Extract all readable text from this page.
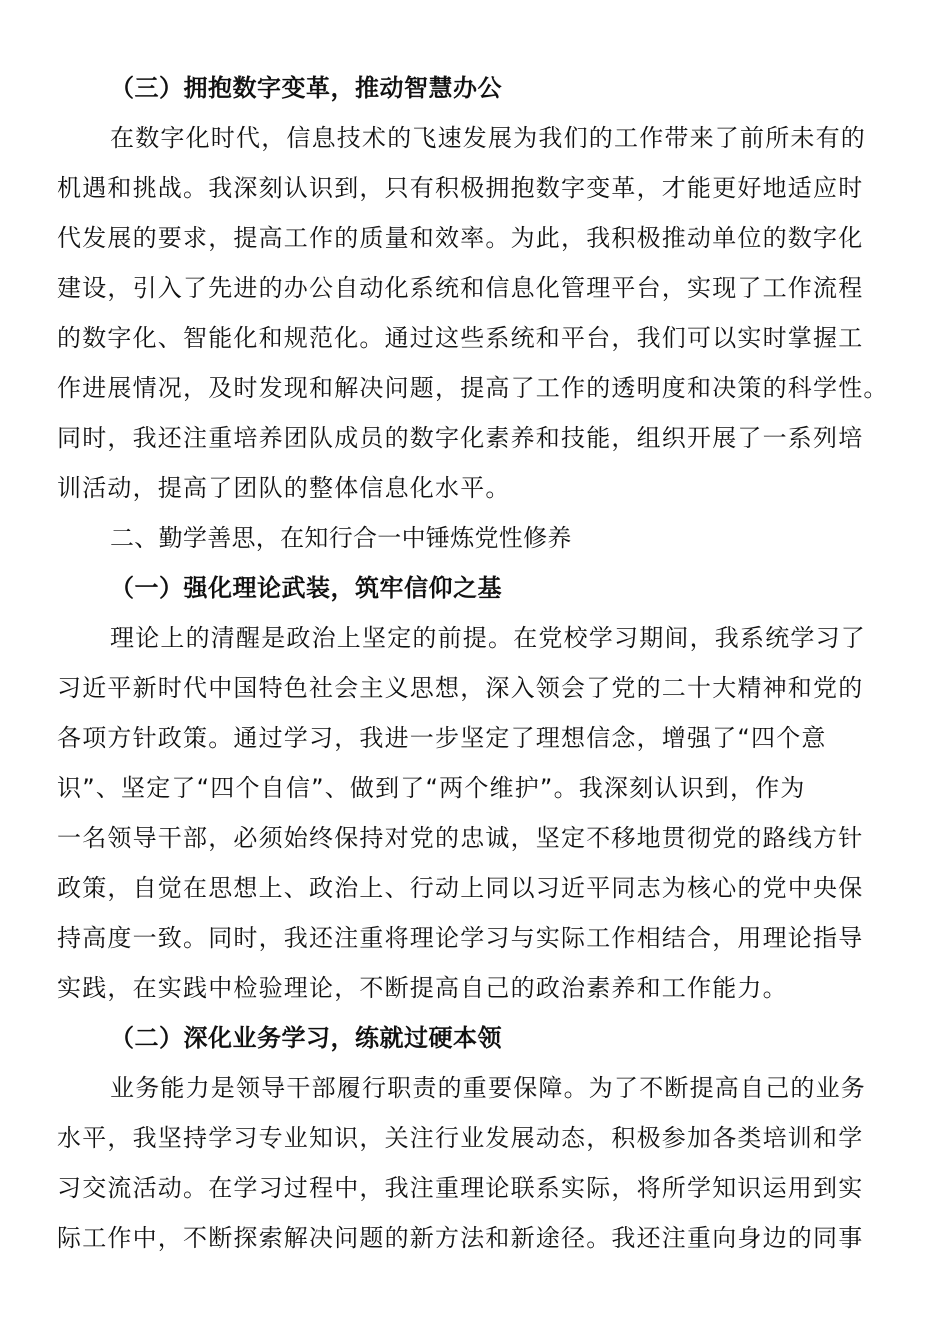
（三）拥抱数字变革，推动智慧办公
在数字化时代，信息技术的飞速发展为我们的工作带来了前所未有的
机遇和挑战。我深刻认识到，只有积极拥抱数字变革，才能更好地适应时
代发展的要求，提高工作的质量和效率。为此，我积极推动单位的数字化
建设，引入了先进的办公自动化系统和信息化管理平台，实现了工作流程
的数字化、智能化和规范化。通过这些系统和平台，我们可以实时掌握工
作进展情况，及时发现和解决问题，提高了工作的透明度和决策的科学性。
同时，我还注重培养团队成员的数字化素养和技能，组织开展了一系列培
训活动，提高了团队的整体信息化水平。
二、勤学善思，在知行合一中锤炼党性修养
（一）强化理论武装，筑牢信仰之基
理论上的清醒是政治上坚定的前提。在党校学习期间，我系统学习了
习近平新时代中国特色社会主义思想，深入领会了党的二十大精神和党的
各项方针政策。通过学习，我进一步坚定了理想信念，增强了“四个意
识”、坚定了“四个自信”、做到了“两个维护”。我深刻认识到，作为
一名领导干部，必须始终保持对党的忠诚，坚定不移地贯彻党的路线方针
政策，自觉在思想上、政治上、行动上同以习近平同志为核心的党中央保
持高度一致。同时，我还注重将理论学习与实际工作相结合，用理论指导
实践，在实践中检验理论，不断提高自己的政治素养和工作能力。
（二）深化业务学习，练就过硬本领
业务能力是领导干部履行职责的重要保障。为了不断提高自己的业务
水平，我坚持学习专业知识，关注行业发展动态，积极参加各类培训和学
习交流活动。在学习过程中，我注重理论联系实际，将所学知识运用到实
际工作中，不断探索解决问题的新方法和新途径。我还注重向身边的同事
